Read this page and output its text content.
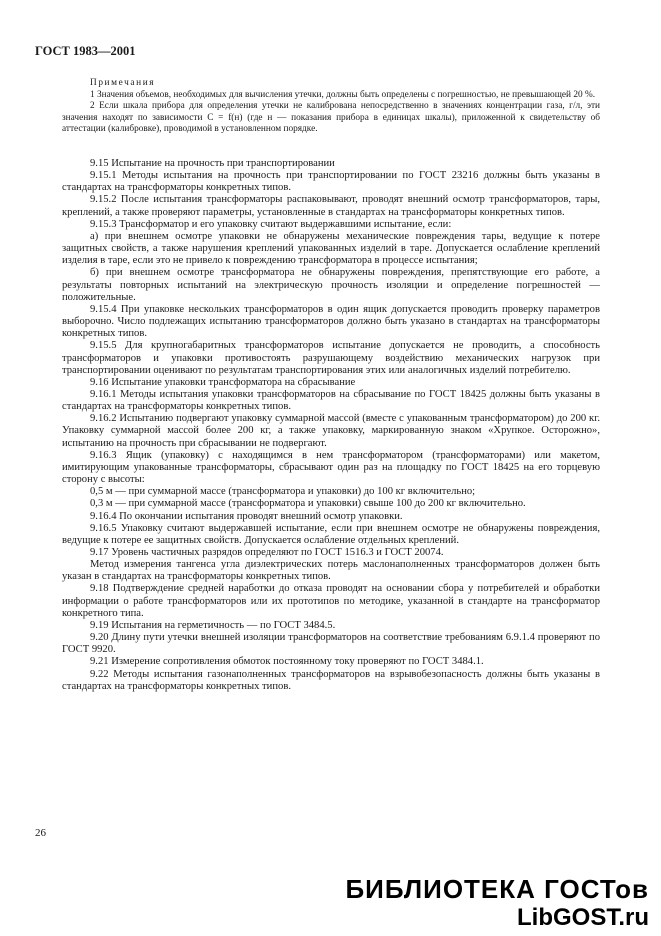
ГОСТ 1983—2001

Примечания

1 Значения объемов, необходимых для вычисления утечки, должны быть определены с погрешностью, не превышающей 20 %.

2 Если шкала прибора для определения утечки не калибрована непосредственно в значениях концентрации газа, г/л, эти значения находят по зависимости C = f(н) (где н — показания прибора в единицах шкалы), приложенной к свидетельству об аттестации (калибровке), проводимой в установленном порядке.

9.15 Испытание на прочность при транспортировании

9.15.1 Методы испытания на прочность при транспортировании по ГОСТ 23216 должны быть указаны в стандартах на трансформаторы конкретных типов.

9.15.2 После испытания трансформаторы распаковывают, проводят внешний осмотр трансформаторов, тары, креплений, а также проверяют параметры, установленные в стандартах на трансформаторы конкретных типов.

9.15.3 Трансформатор и его упаковку считают выдержавшими испытание, если:

а) при внешнем осмотре упаковки не обнаружены механические повреждения тары, ведущие к потере защитных свойств, а также нарушения креплений упакованных изделий в таре. Допускается ослабление креплений изделия в таре, если это не привело к повреждению трансформатора в процессе испытания;

б) при внешнем осмотре трансформатора не обнаружены повреждения, препятствующие его работе, а результаты повторных испытаний на электрическую прочность изоляции и определение погрешностей — положительные.

9.15.4 При упаковке нескольких трансформаторов в один ящик допускается проводить проверку параметров выборочно. Число подлежащих испытанию трансформаторов должно быть указано в стандартах на трансформаторы конкретных типов.

9.15.5 Для крупногабаритных трансформаторов испытание допускается не проводить, а способность трансформаторов и упаковки противостоять разрушающему воздействию механических нагрузок при транспортировании оценивают по результатам транспортирования этих или аналогичных изделий потребителю.

9.16 Испытание упаковки трансформатора на сбрасывание

9.16.1 Методы испытания упаковки трансформаторов на сбрасывание по ГОСТ 18425 должны быть указаны в стандартах на трансформаторы конкретных типов.

9.16.2 Испытанию подвергают упаковку суммарной массой (вместе с упакованным трансформатором) до 200 кг. Упаковку суммарной массой более 200 кг, а также упаковку, маркированную знаком «Хрупкое. Осторожно», испытанию на прочность при сбрасывании не подвергают.

9.16.3 Ящик (упаковку) с находящимся в нем трансформатором (трансформаторами) или макетом, имитирующим упакованные трансформаторы, сбрасывают один раз на площадку по ГОСТ 18425 на его торцевую сторону с высоты:

0,5 м — при суммарной массе (трансформатора и упаковки) до 100 кг включительно;

0,3 м — при суммарной массе (трансформатора и упаковки) свыше 100 до 200 кг включительно.

9.16.4 По окончании испытания проводят внешний осмотр упаковки.

9.16.5 Упаковку считают выдержавшей испытание, если при внешнем осмотре не обнаружены повреждения, ведущие к потере ее защитных свойств. Допускается ослабление отдельных креплений.

9.17 Уровень частичных разрядов определяют по ГОСТ 1516.3 и ГОСТ 20074.

Метод измерения тангенса угла диэлектрических потерь маслонаполненных трансформаторов должен быть указан в стандартах на трансформаторы конкретных типов.

9.18 Подтверждение средней наработки до отказа проводят на основании сбора у потребителей и обработки информации о работе трансформаторов или их прототипов по методике, указанной в стандарте на трансформатор конкретного типа.

9.19 Испытания на герметичность — по ГОСТ 3484.5.

9.20 Длину пути утечки внешней изоляции трансформаторов на соответствие требованиям 6.9.1.4 проверяют по ГОСТ 9920.

9.21 Измерение сопротивления обмоток постоянному току проверяют по ГОСТ 3484.1.

9.22 Методы испытания газонаполненных трансформаторов на взрывобезопасность должны быть указаны в стандартах на трансформаторы конкретных типов.

26
БИБЛИОТЕКА ГОСТов
LibGOST.ru
